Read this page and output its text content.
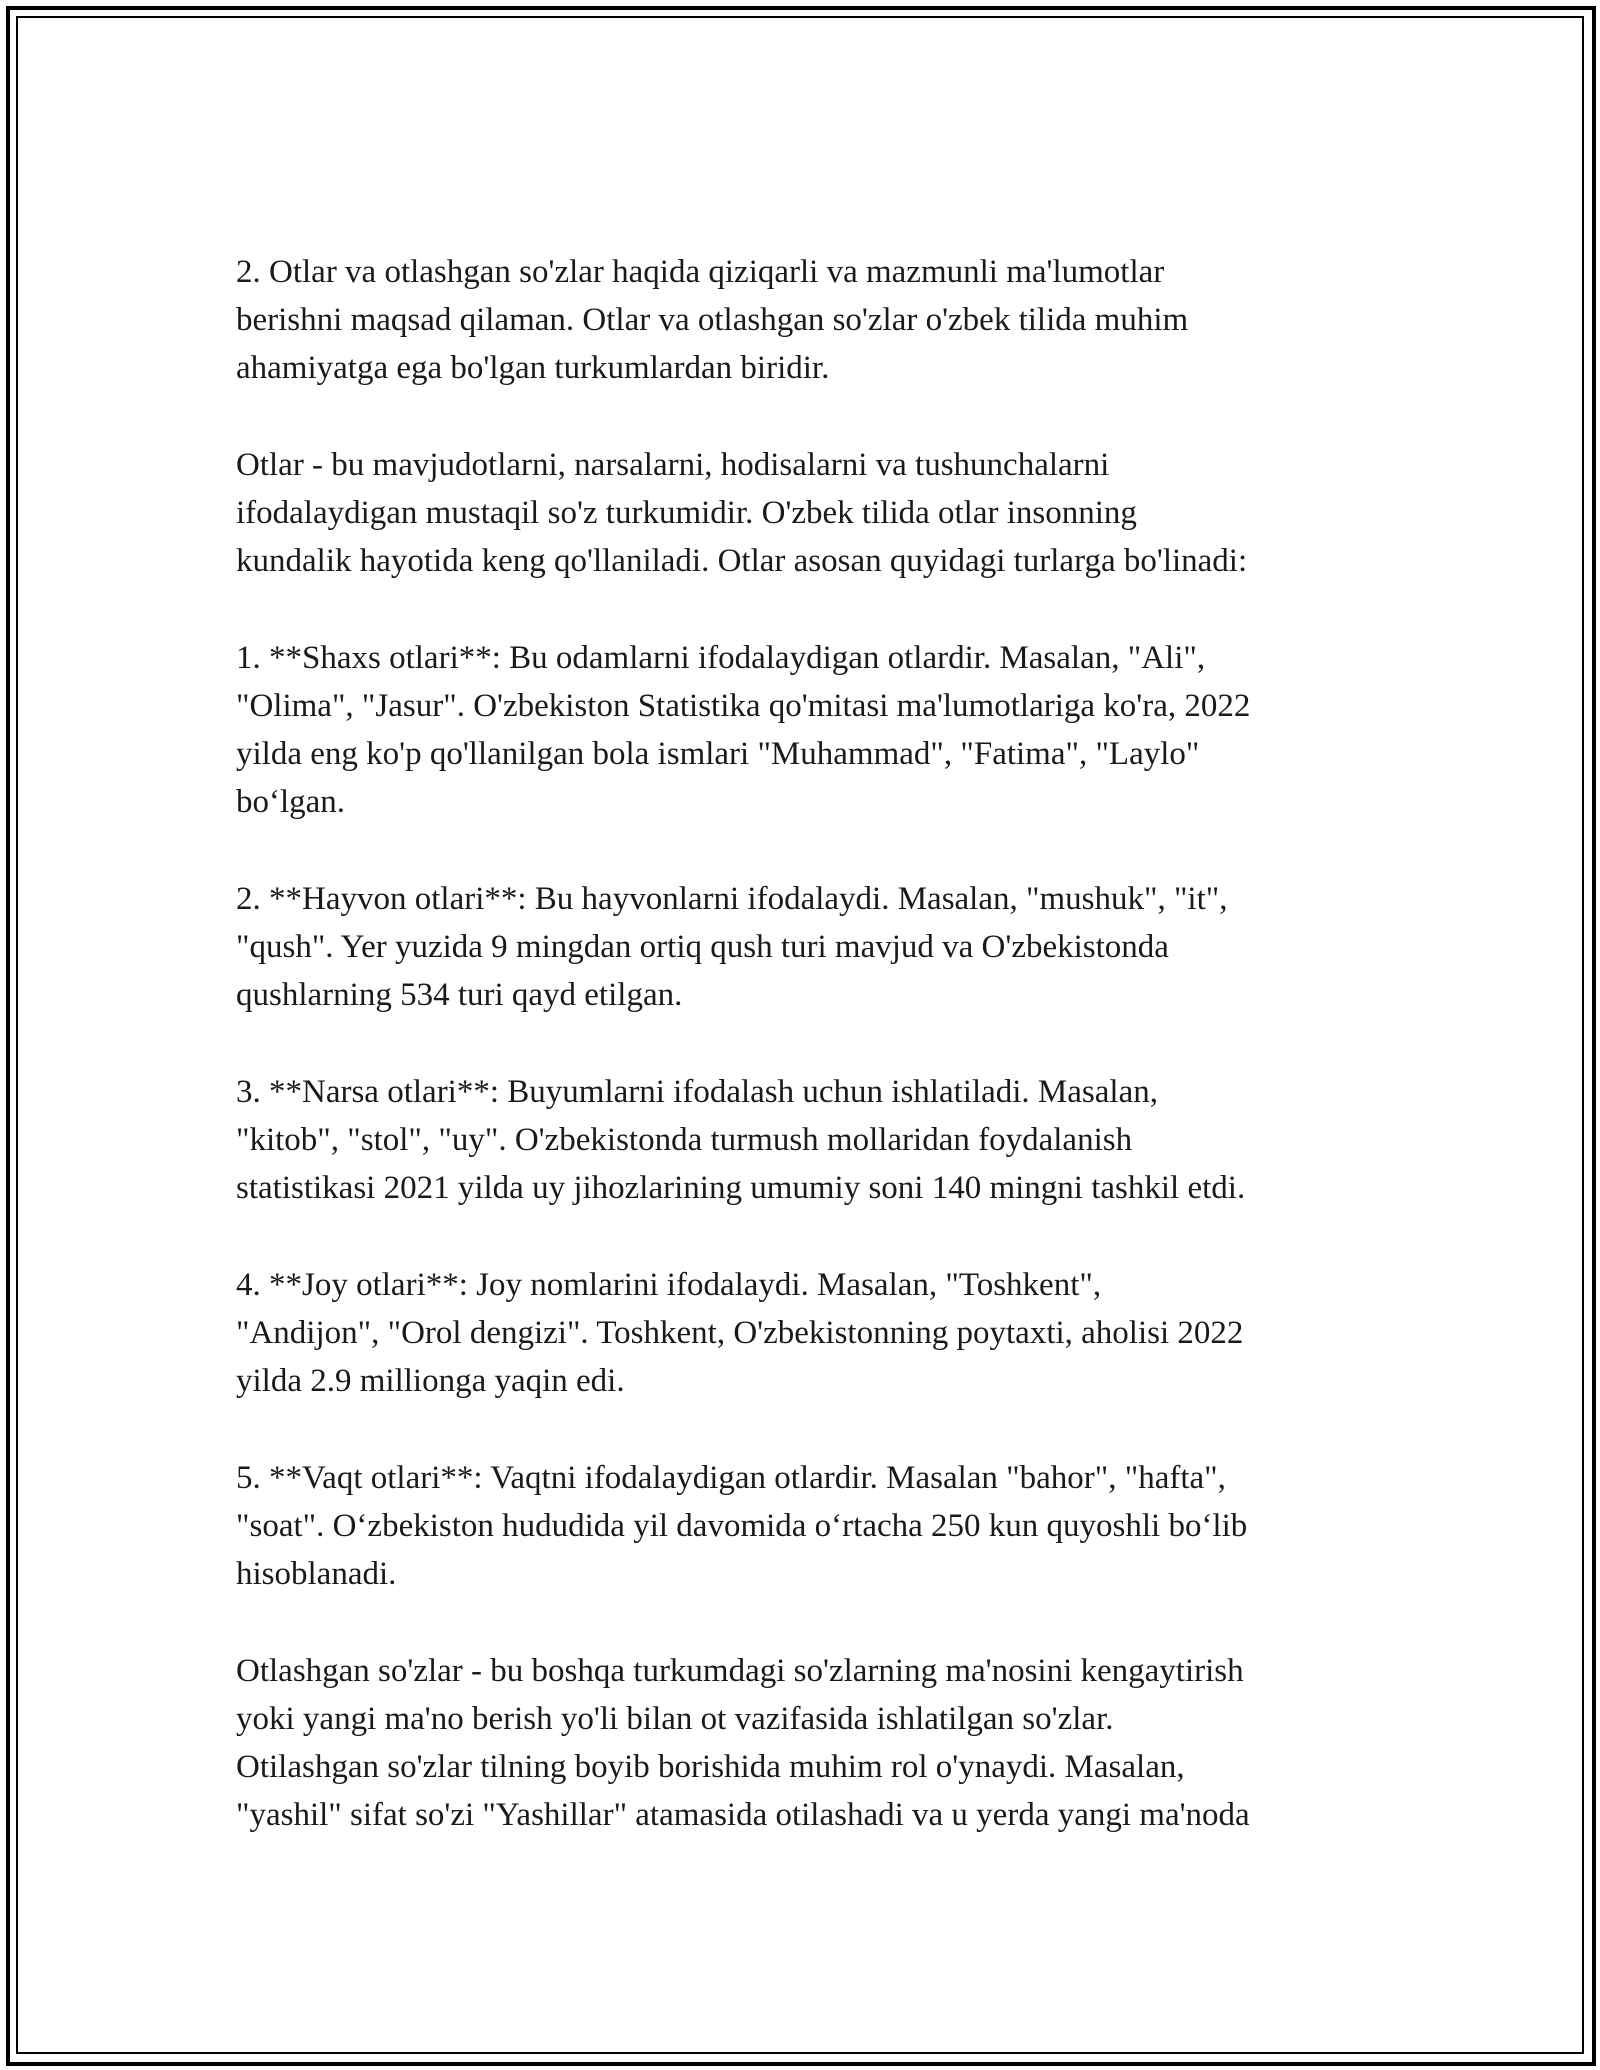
2. Otlar va otlashgan so'zlar haqida qiziqarli va mazmunli ma'lumotlar
berishni maqsad qilaman. Otlar va otlashgan so'zlar o'zbek tilida muhim
ahamiyatga ega bo'lgan turkumlardan biridir.

Otlar - bu mavjudotlarni, narsalarni, hodisalarni va tushunchalarni
ifodalaydigan mustaqil so'z turkumidir. O'zbek tilida otlar insonning
kundalik hayotida keng qo'llaniladi. Otlar asosan quyidagi turlarga bo'linadi:

1. **Shaxs otlari**: Bu odamlarni ifodalaydigan otlardir. Masalan, "Ali",
"Olima", "Jasur". O'zbekiston Statistika qo'mitasi ma'lumotlariga ko'ra, 2022
yilda eng ko'p qo'llanilgan bola ismlari "Muhammad", "Fatima", "Laylo"
bo‘lgan.

2. **Hayvon otlari**: Bu hayvonlarni ifodalaydi. Masalan, "mushuk", "it",
"qush". Yer yuzida 9 mingdan ortiq qush turi mavjud va O'zbekistonda
qushlarning 534 turi qayd etilgan.

3. **Narsa otlari**: Buyumlarni ifodalash uchun ishlatiladi. Masalan,
"kitob", "stol", "uy". O'zbekistonda turmush mollaridan foydalanish
statistikasi 2021 yilda uy jihozlarining umumiy soni 140 mingni tashkil etdi.

4. **Joy otlari**: Joy nomlarini ifodalaydi. Masalan, "Toshkent",
"Andijon", "Orol dengizi". Toshkent, O'zbekistonning poytaxti, aholisi 2022
yilda 2.9 millionga yaqin edi.

5. **Vaqt otlari**: Vaqtni ifodalaydigan otlardir. Masalan "bahor", "hafta",
"soat". O‘zbekiston hududida yil davomida o‘rtacha 250 kun quyoshli bo‘lib
hisoblanadi.

Otlashgan so'zlar - bu boshqa turkumdagi so'zlarning ma'nosini kengaytirish
yoki yangi ma'no berish yo'li bilan ot vazifasida ishlatilgan so'zlar.
Otilashgan so'zlar tilning boyib borishida muhim rol o'ynaydi. Masalan,
"yashil" sifat so'zi "Yashillar" atamasida otilashadi va u yerda yangi ma'noda
